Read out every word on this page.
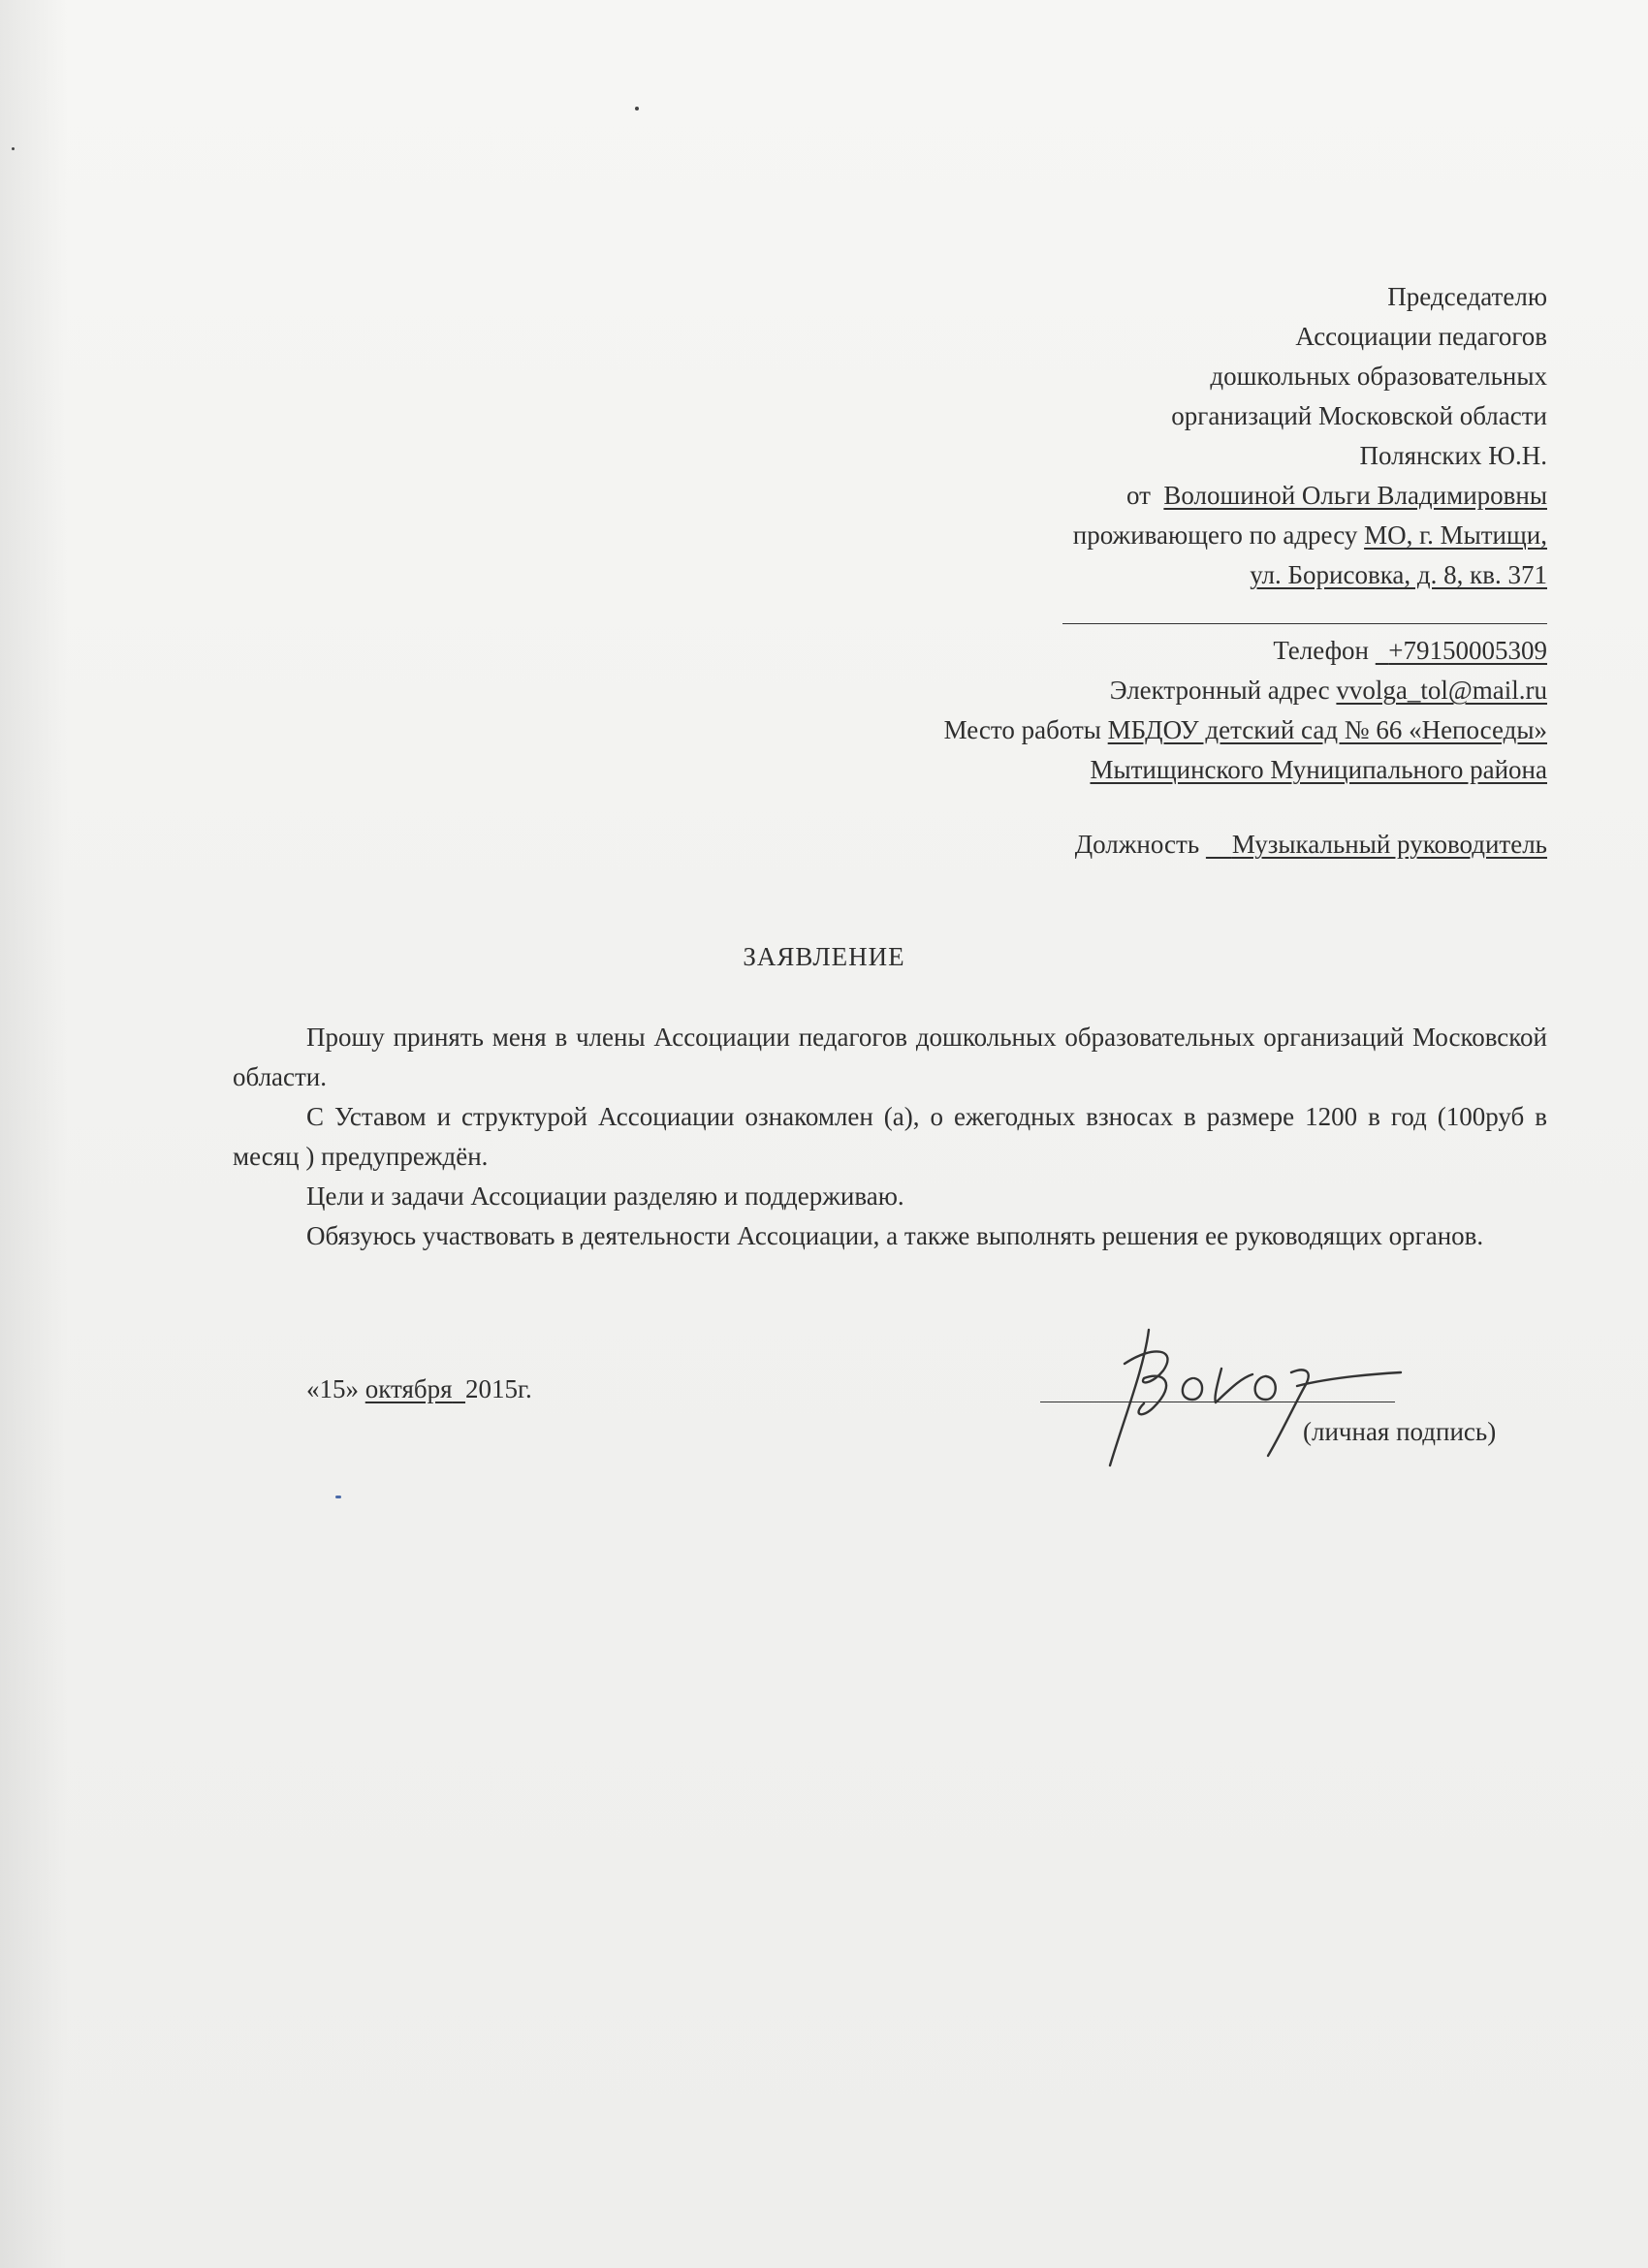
Председателю
Ассоциации педагогов
дошкольных образовательных
организаций Московской области
Полянских Ю.Н.
от Волошиной Ольги Владимировны
проживающего по адресу МО, г. Мытищи,
ул. Борисовка, д. 8, кв. 371
Телефон +79150005309
Электронный адрес vvolga_tol@mail.ru
Место работы МБДОУ детский сад № 66 «Непоседы»
Мытищинского Муниципального района
Должность Музыкальный руководитель
ЗАЯВЛЕНИЕ

Прошу принять меня в члены Ассоциации педагогов дошкольных образовательных организаций Московской области.

С Уставом и структурой Ассоциации ознакомлен (а), о ежегодных взносах в размере 1200 в год (100руб в месяц ) предупреждён.

Цели и задачи Ассоциации разделяю и поддерживаю.

Обязуюсь участвовать в деятельности Ассоциации, а также выполнять решения ее руководящих органов.

«15» октября 2015г.
(личная подпись)
